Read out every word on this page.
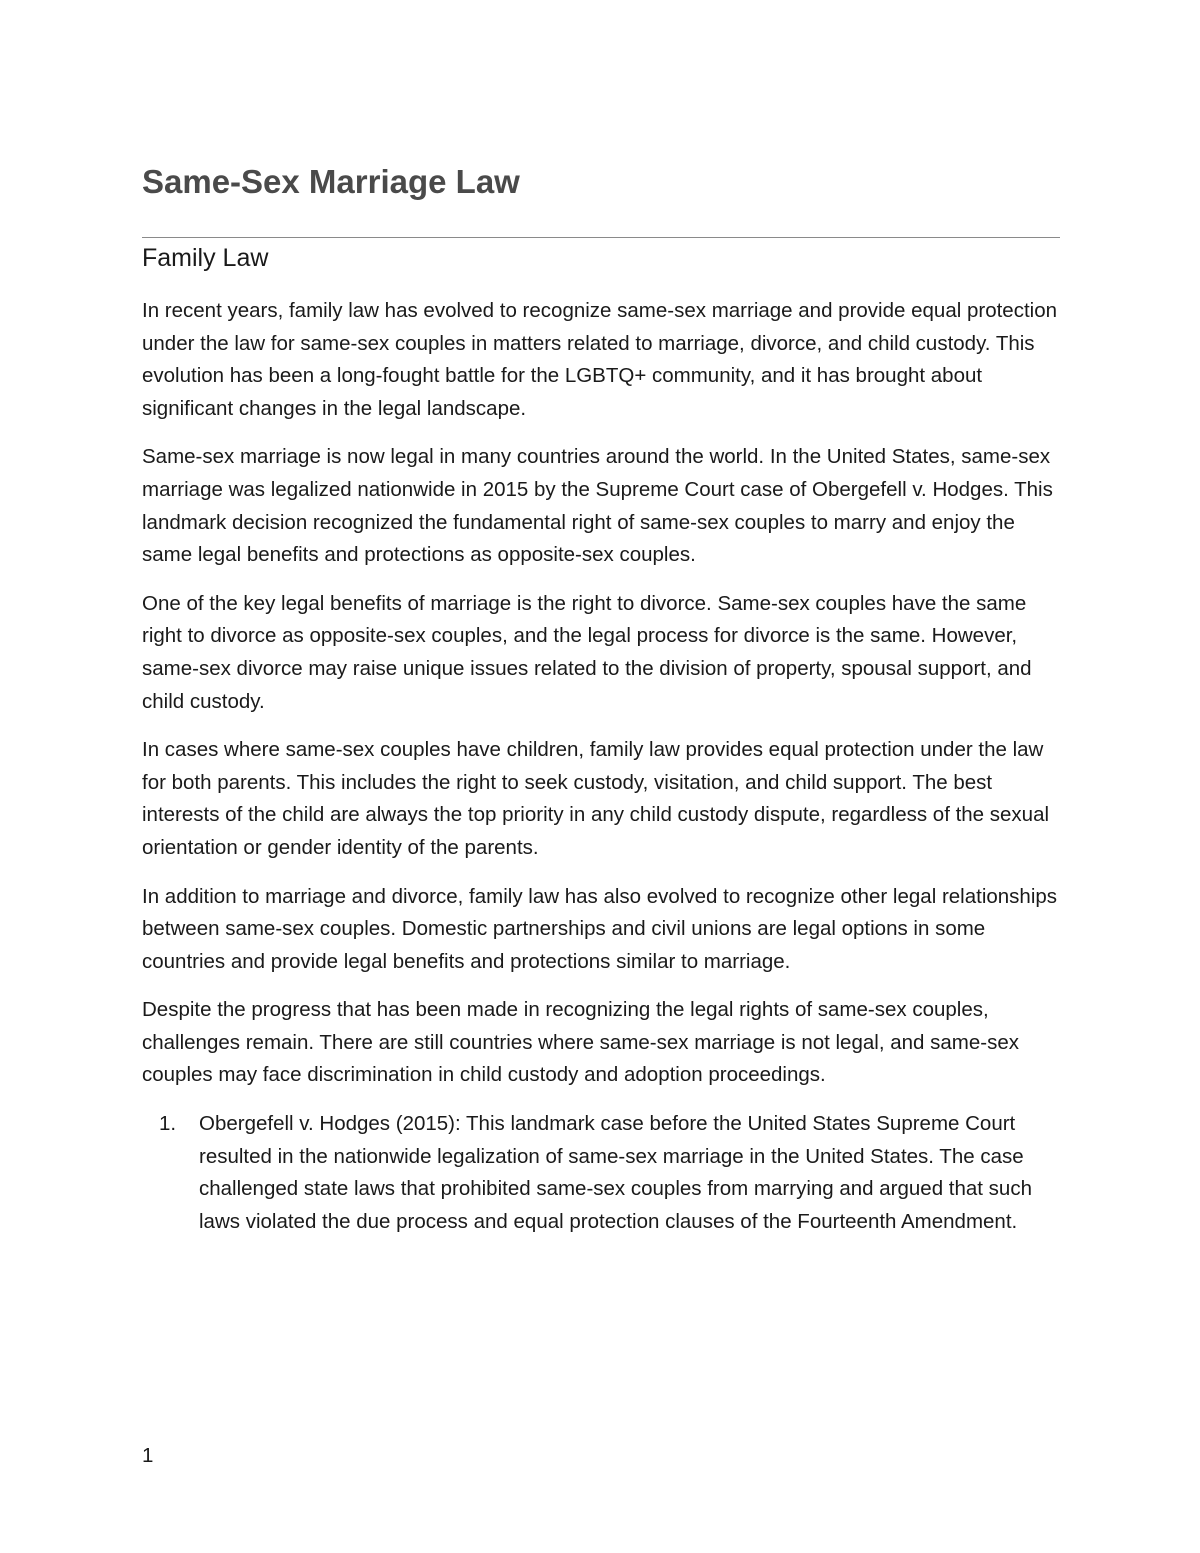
Same-Sex Marriage Law
Family Law

In recent years, family law has evolved to recognize same-sex marriage and provide equal protection under the law for same-sex couples in matters related to marriage, divorce, and child custody. This evolution has been a long-fought battle for the LGBTQ+ community, and it has brought about significant changes in the legal landscape.

Same-sex marriage is now legal in many countries around the world. In the United States, same-sex marriage was legalized nationwide in 2015 by the Supreme Court case of Obergefell v. Hodges. This landmark decision recognized the fundamental right of same-sex couples to marry and enjoy the same legal benefits and protections as opposite-sex couples.

One of the key legal benefits of marriage is the right to divorce. Same-sex couples have the same right to divorce as opposite-sex couples, and the legal process for divorce is the same. However, same-sex divorce may raise unique issues related to the division of property, spousal support, and child custody.

In cases where same-sex couples have children, family law provides equal protection under the law for both parents. This includes the right to seek custody, visitation, and child support. The best interests of the child are always the top priority in any child custody dispute, regardless of the sexual orientation or gender identity of the parents.

In addition to marriage and divorce, family law has also evolved to recognize other legal relationships between same-sex couples. Domestic partnerships and civil unions are legal options in some countries and provide legal benefits and protections similar to marriage.

Despite the progress that has been made in recognizing the legal rights of same-sex couples, challenges remain. There are still countries where same-sex marriage is not legal, and same-sex couples may face discrimination in child custody and adoption proceedings.

1. Obergefell v. Hodges (2015): This landmark case before the United States Supreme Court resulted in the nationwide legalization of same-sex marriage in the United States. The case challenged state laws that prohibited same-sex couples from marrying and argued that such laws violated the due process and equal protection clauses of the Fourteenth Amendment.
1
